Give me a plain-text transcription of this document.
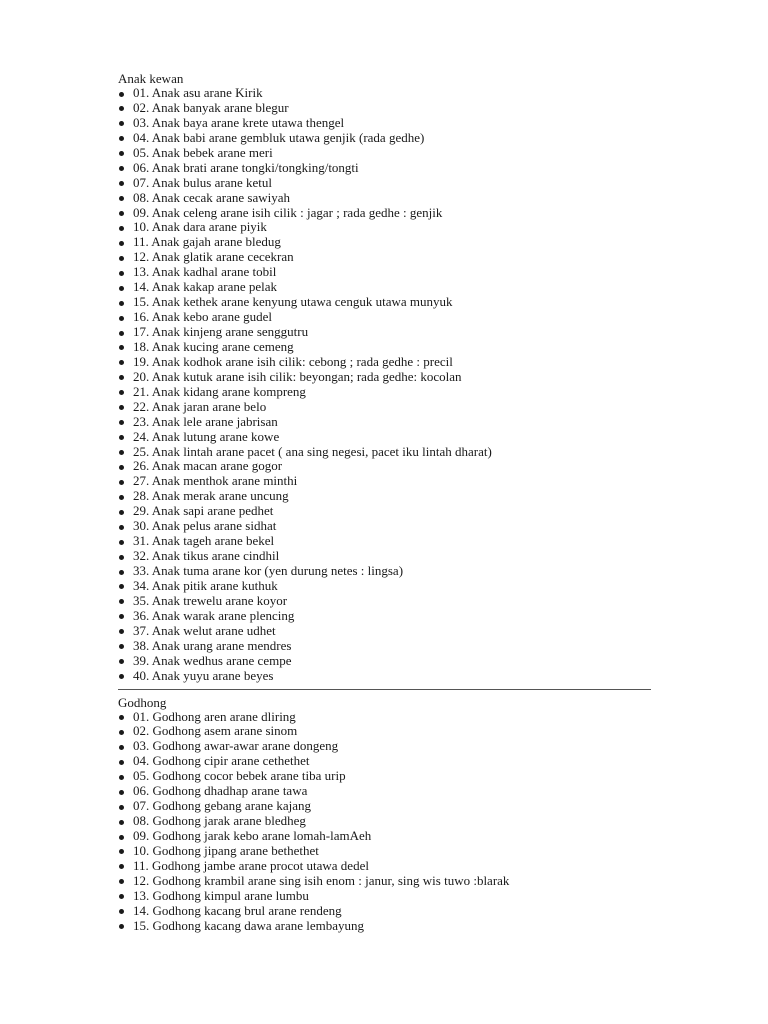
Anak kewan
01. Anak asu arane Kirik
02. Anak banyak arane blegur
03. Anak baya arane krete utawa thengel
04. Anak babi arane gembluk utawa genjik (rada gedhe)
05. Anak bebek arane meri
06. Anak brati arane tongki/tongking/tongti
07. Anak bulus arane ketul
08. Anak cecak arane sawiyah
09. Anak celeng arane isih cilik : jagar ; rada gedhe : genjik
10. Anak dara arane piyik
11. Anak gajah arane bledug
12. Anak glatik arane cecekran
13. Anak kadhal arane tobil
14. Anak kakap arane pelak
15. Anak kethek arane kenyung utawa cenguk utawa munyuk
16. Anak kebo arane gudel
17. Anak kinjeng arane senggutru
18. Anak kucing arane cemeng
19. Anak kodhok arane isih cilik: cebong ; rada gedhe : precil
20. Anak kutuk arane isih cilik: beyongan; rada gedhe: kocolan
21. Anak kidang arane kompreng
22. Anak jaran arane belo
23. Anak lele arane jabrisan
24. Anak lutung arane kowe
25. Anak lintah arane pacet ( ana sing negesi, pacet iku lintah dharat)
26. Anak macan arane gogor
27. Anak menthok arane minthi
28. Anak merak arane uncung
29. Anak sapi arane pedhet
30. Anak pelus arane sidhat
31. Anak tageh arane bekel
32. Anak tikus arane cindhil
33. Anak tuma arane kor (yen durung netes : lingsa)
34. Anak pitik arane kuthuk
35. Anak trewelu arane koyor
36. Anak warak arane plencing
37. Anak welut arane udhet
38. Anak urang arane mendres
39. Anak wedhus arane cempe
40. Anak yuyu arane beyes
Godhong
01. Godhong aren arane dliring
02. Godhong asem arane sinom
03. Godhong awar-awar arane dongeng
04. Godhong cipir arane cethethet
05. Godhong cocor bebek arane tiba urip
06. Godhong dhadhap arane tawa
07. Godhong gebang arane kajang
08. Godhong jarak arane bledheg
09. Godhong jarak kebo arane lomah-lamAeh
10. Godhong jipang arane bethethet
11. Godhong jambe arane procot utawa dedel
12. Godhong krambil arane sing isih enom : janur, sing wis tuwo :blarak
13. Godhong kimpul arane lumbu
14. Godhong kacang brul arane rendeng
15. Godhong kacang dawa arane lembayung
